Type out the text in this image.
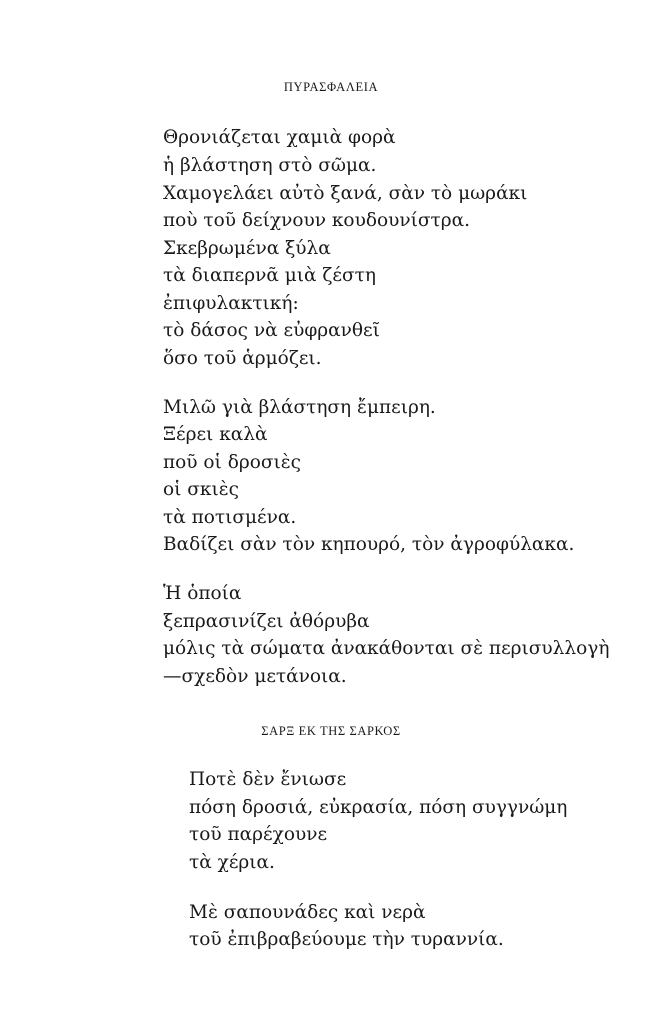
ΠΥΡΑΣΦΑΛΕΙΑ
Θρονιάζεται χαμιὰ φορὰ
ἡ βλάστηση στὸ σῶμα.
Χαμογελάει αὐτὸ ξανά, σὰν τὸ μωράκι
ποὺ τοῦ δείχνουν κουδουνίστρα.
Σκεβρωμένα ξύλα
τὰ διαπερνᾶ μιὰ ζέστη
ἐπιφυλακτική:
τὸ δάσος νὰ εὐφρανθεῖ
ὅσο τοῦ ἁρμόζει.
Μιλῶ γιὰ βλάστηση ἔμπειρη.
Ξέρει καλὰ
ποῦ οἱ δροσιὲς
οἱ σκιὲς
τὰ ποτισμένα.
Βαδίζει σὰν τὸν κηπουρό, τὸν ἀγροφύλακα.
Ἡ ὁποία
ξεπρασινίζει ἀθόρυβα
μόλις τὰ σώματα ἀνακάθονται σὲ περισυλλογὴ
—σχεδὸν μετάνοια.
ΣΑΡΞ ΕΚ ΤΗΣ ΣΑΡΚΟΣ
Ποτὲ δὲν ἔνιωσε
πόση δροσιά, εὐκρασία, πόση συγγνώμη
τοῦ παρέχουνε
τὰ χέρια.
Μὲ σαπουνάδες καὶ νερὰ
τοῦ ἐπιβραβεύουμε τὴν τυραννία.
